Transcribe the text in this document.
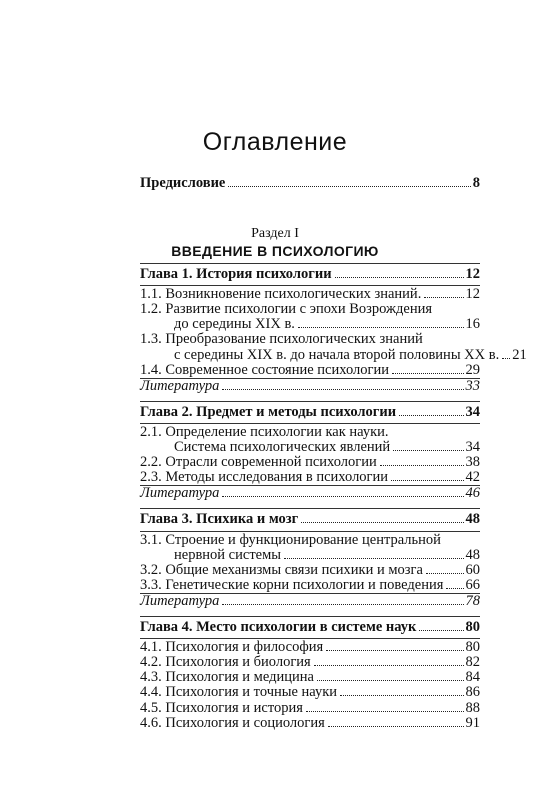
Оглавление
Предисловие	8
Раздел I
ВВЕДЕНИЕ В ПСИХОЛОГИЮ
Глава 1. История психологии	12
1.1. Возникновение психологических знаний.	12
1.2. Развитие психологии с эпохи Возрождения
до середины XIX в.	16
1.3. Преобразование психологических знаний
с середины XIX в. до начала второй половины XX в. 21
1.4. Современное состояние психологии	29
Литература	33
Глава 2. Предмет и методы психологии	34
2.1. Определение психологии как науки.
Система психологических явлений	34
2.2. Отрасли современной психологии	38
2.3. Методы исследования в психологии	42
Литература	46
Глава 3. Психика и мозг	48
3.1. Строение и функционирование центральной
нервной системы	48
3.2. Общие механизмы связи психики и мозга	60
3.3. Генетические корни психологии и поведения 66
Литература	78
Глава 4. Место психологии в системе наук	80
4.1. Психология и философия	80
4.2. Психология и биология	82
4.3. Психология и медицина	84
4.4. Психология и точные науки	86
4.5. Психология и история	88
4.6. Психология и социология	91
